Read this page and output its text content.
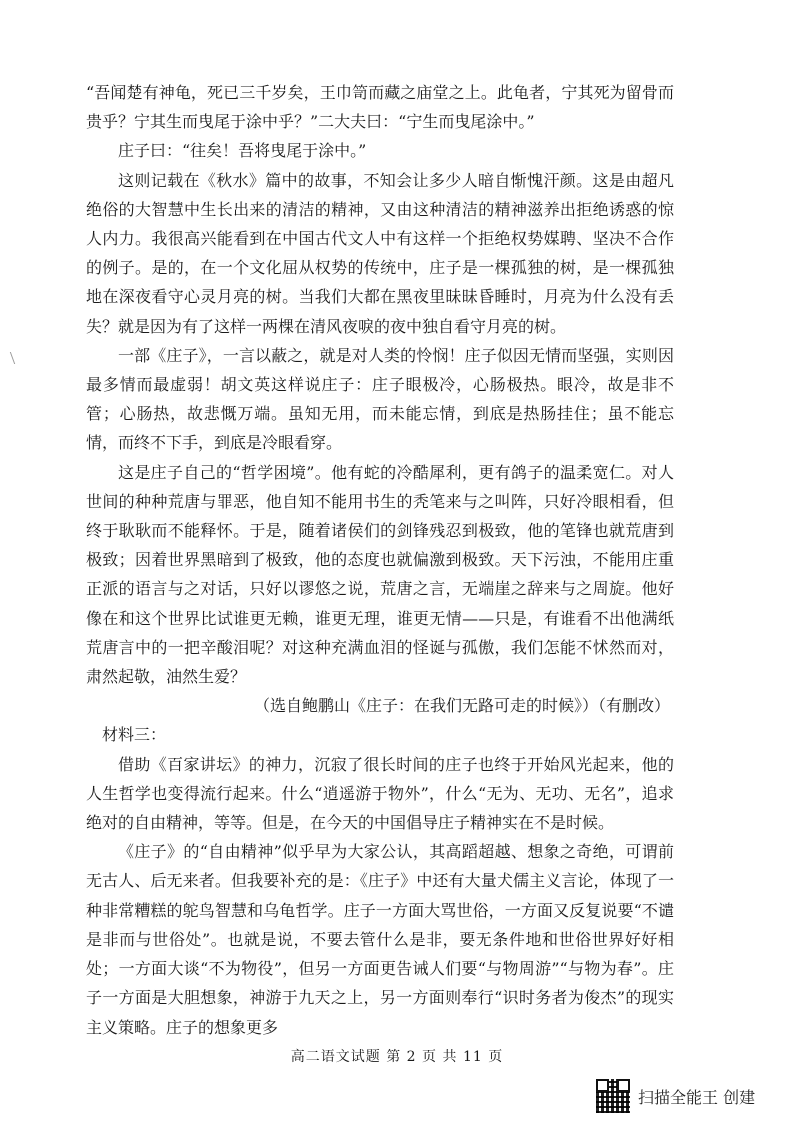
“吾闻楚有神龟，死已三千岁矣，王巾笥而藏之庙堂之上。此龟者，宁其死为留骨而贵乎？宁其生而曳尾于涂中乎？”二大夫曰：“宁生而曳尾涂中。”

庄子曰：“往矣！吾将曳尾于涂中。”

这则记载在《秋水》篇中的故事，不知会让多少人暗自惭愧汗颜。这是由超凡绝俗的大智慧中生长出来的清洁的精神，又由这种清洁的精神滋养出拒绝诱惑的惊人内力。我很高兴能看到在中国古代文人中有这样一个拒绝权势媒聘、坚决不合作的例子。是的，在一个文化屈从权势的传统中，庄子是一棵孤独的树，是一棵孤独地在深夜看守心灵月亮的树。当我们大都在黑夜里昧昧昏睡时，月亮为什么没有丢失？就是因为有了这样一两棵在清风夜唳的夜中独自看守月亮的树。

一部《庄子》，一言以蔽之，就是对人类的怜悯！庄子似因无情而坚强，实则因最多情而最虚弱！胡文英这样说庄子：庄子眼极冷，心肠极热。眼冷，故是非不管；心肠热，故悲慨万端。虽知无用，而未能忘情，到底是热肠挂住；虽不能忘情，而终不下手，到底是冷眼看穿。

这是庄子自己的“哲学困境”。他有蛇的冷酷犀利，更有鸽子的温柔宽仁。对人世间的种种荒唐与罪恶，他自知不能用书生的秃笔来与之叫阵，只好冷眼相看，但终于耿耿而不能释怀。于是，随着诸侯们的剑锋残忍到极致，他的笔锋也就荒唐到极致；因着世界黑暗到了极致，他的态度也就偏激到极致。天下污浊，不能用庄重正派的语言与之对话，只好以谬悠之说，荒唐之言，无端崖之辞来与之周旋。他好像在和这个世界比试谁更无赖，谁更无理，谁更无情——只是，有谁看不出他满纸荒唐言中的一把辛酸泪呢？对这种充满血泪的怪诞与孤傲，我们怎能不怵然而对，肃然起敬，油然生爱？

（选自鲍鹏山《庄子：在我们无路可走的时候》）（有删改）

材料三：

借助《百家讲坛》的神力，沉寂了很长时间的庄子也终于开始风光起来，他的人生哲学也变得流行起来。什么“逍遥游于物外”，什么“无为、无功、无名”，追求绝对的自由精神，等等。但是，在今天的中国倡导庄子精神实在不是时候。

《庄子》的“自由精神”似乎早为大家公认，其高蹈超越、想象之奇绝，可谓前无古人、后无来者。但我要补充的是：《庄子》中还有大量犬儒主义言论，体现了一种非常糟糕的鸵鸟智慧和乌龟哲学。庄子一方面大骂世俗，一方面又反复说要“不谴是非而与世俗处”。也就是说，不要去管什么是非，要无条件地和世俗世界好好相处；一方面大谈“不为物役”，但另一方面更告诫人们要“与物周游”“与物为春”。庄子一方面是大胆想象，神游于九天之上，另一方面则奉行“识时务者为俊杰”的现实主义策略。庄子的想象更多

高二语文试题 第 2 页 共 11 页
扫描全能王 创建
